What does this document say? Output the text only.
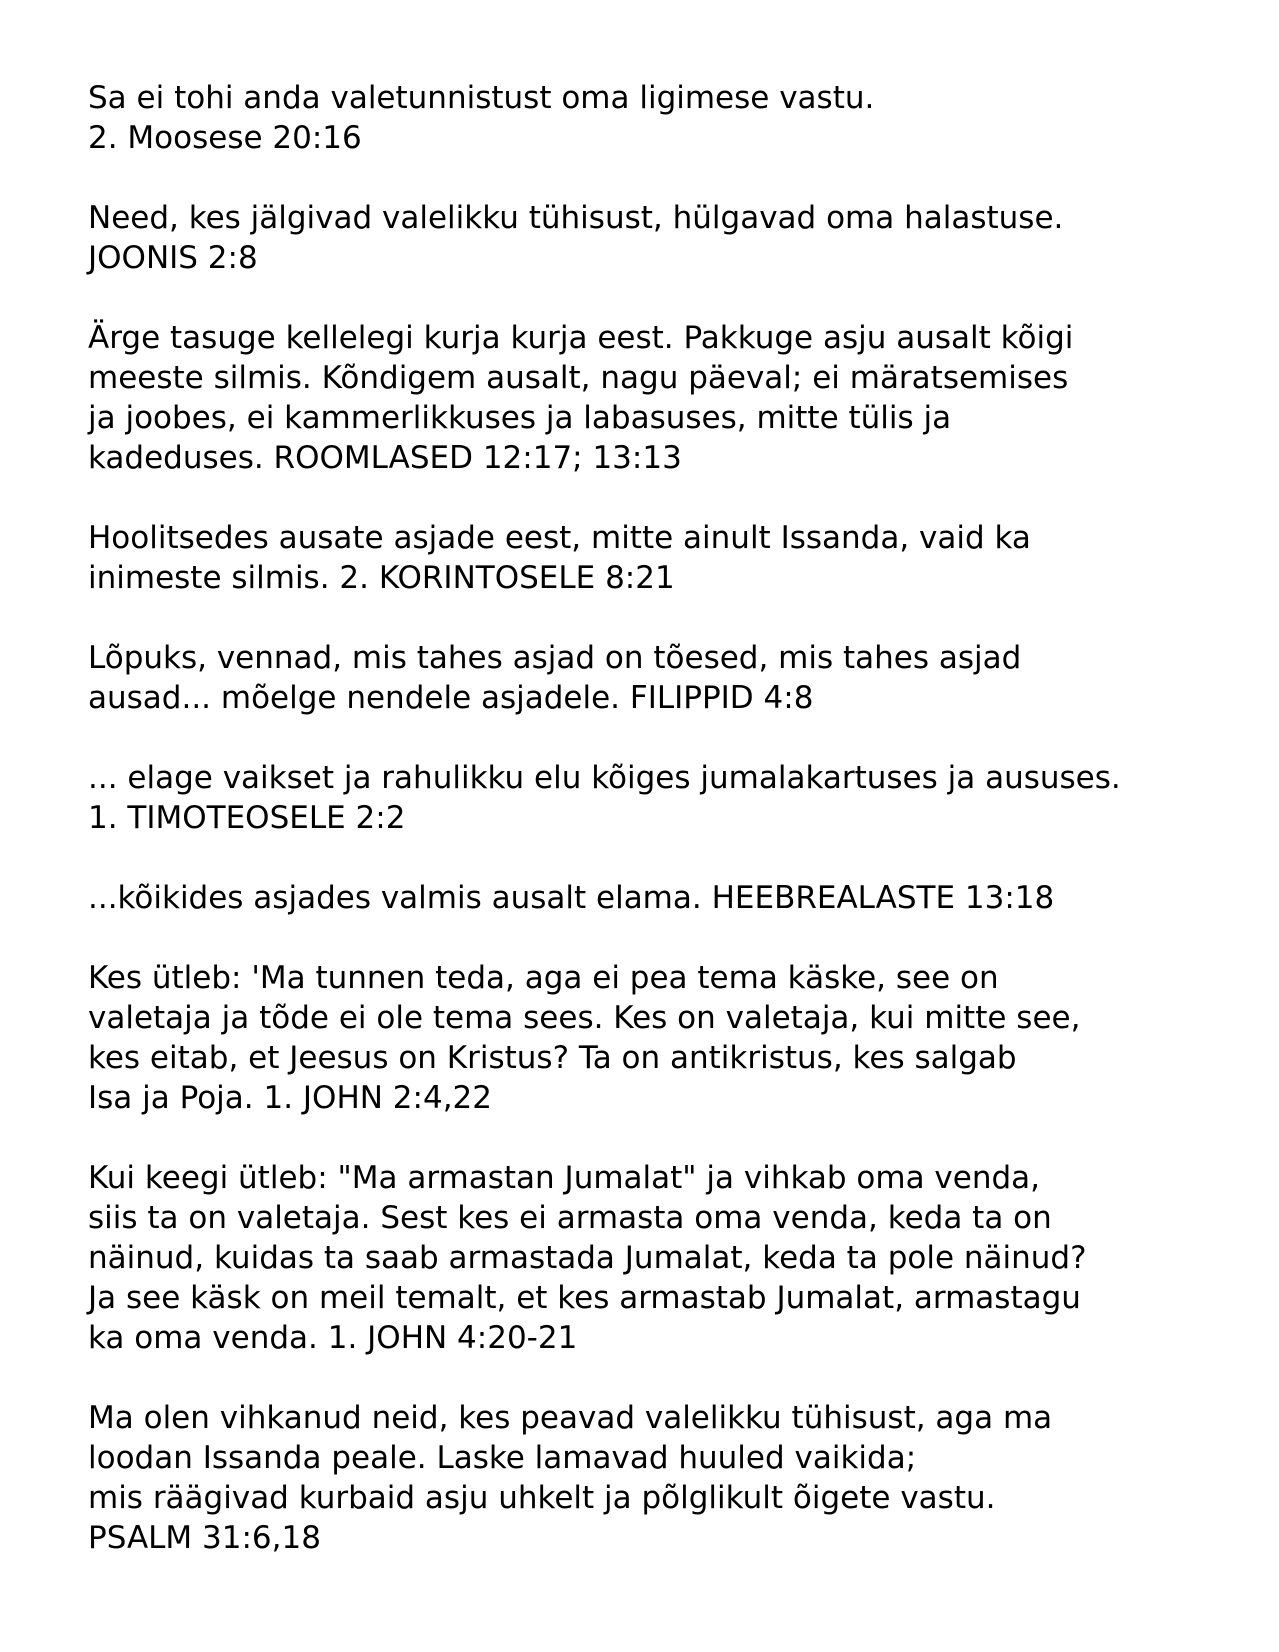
Sa ei tohi anda valetunnistust oma ligimese vastu.
2. Moosese 20:16
Need, kes jälgivad valelikku tühisust, hülgavad oma halastuse.
JOONIS 2:8
Ärge tasuge kellelegi kurja kurja eest. Pakkuge asju ausalt kõigi
meeste silmis. Kõndigem ausalt, nagu päeval; ei märatsemises
ja joobes, ei kammerlikkuses ja labasuses, mitte tülis ja
kadeduses. ROOMLASED 12:17; 13:13
Hoolitsedes ausate asjade eest, mitte ainult Issanda, vaid ka
inimeste silmis. 2. KORINTOSELE 8:21
Lõpuks, vennad, mis tahes asjad on tõesed, mis tahes asjad
ausad... mõelge nendele asjadele. FILIPPID 4:8
... elage vaikset ja rahulikku elu kõiges jumalakartuses ja aususes.
1. TIMOTEOSELE 2:2
...kõikides asjades valmis ausalt elama. HEEBREALASTE 13:18
Kes ütleb: 'Ma tunnen teda, aga ei pea tema käske, see on
valetaja ja tõde ei ole tema sees. Kes on valetaja, kui mitte see,
kes eitab, et Jeesus on Kristus? Ta on antikristus, kes salgab
Isa ja Poja. 1. JOHN 2:4,22
Kui keegi ütleb: "Ma armastan Jumalat" ja vihkab oma venda,
siis ta on valetaja. Sest kes ei armasta oma venda, keda ta on
näinud, kuidas ta saab armastada Jumalat, keda ta pole näinud?
Ja see käsk on meil temalt, et kes armastab Jumalat, armastagu
ka oma venda. 1. JOHN 4:20-21
Ma olen vihkanud neid, kes peavad valelikku tühisust, aga ma
loodan Issanda peale. Laske lamavad huuled vaikida;
mis räägivad kurbaid asju uhkelt ja põlglikult õigete vastu.
PSALM 31:6,18
